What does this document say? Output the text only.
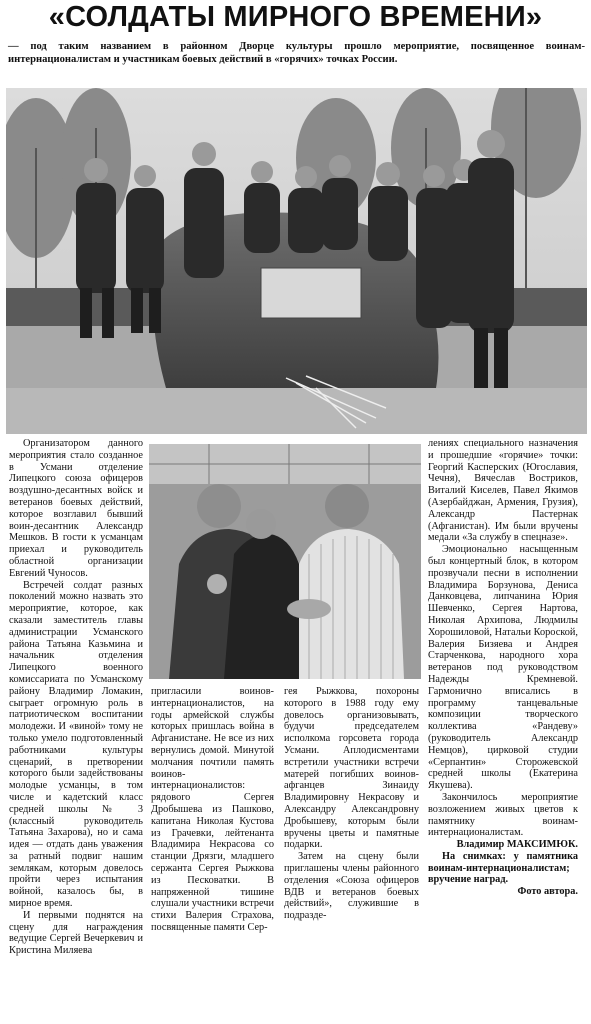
«СОЛДАТЫ МИРНОГО ВРЕМЕНИ»
— под таким названием в районном Дворце культуры прошло мероприятие, посвященное воинам-интернационалистам и участникам боевых действий в «горячих» точках России.

Организатором данного мероприятия стало созданное в Усмани отделение Липецкого союза офицеров воздушно-десантных войск и ветеранов боевых действий, которое возглавил бывший воин-десантник Александр Мешков. В гости к усманцам приехал и руководитель областной организации Евгений Чуносов.

Встречей солдат разных поколений можно назвать это мероприятие, которое, как сказали заместитель главы администрации Усманского района Татьяна Казьмина и начальник отделения Липецкого военного комиссариата по Усманскому району Владимир Ломакин, сыграет огромную роль в патриотическом воспитании молодежи. И «виной» тому не только умело подготовленный работниками культуры сценарий, в претворении которого были задействованы молодые усманцы, в том числе и кадетский класс средней школы № 3 (классный руководитель Татьяна Захарова), но и сама идея — отдать дань уважения за ратный подвиг нашим землякам, которым довелось пройти через испытания войной, казалось бы, в мирное время.

И первыми поднятся на сцену для награждения ведущие Сергей Вечеркевич и Кристина Миляева

пригласили воинов-интернационалистов, на годы армейской службы которых пришлась война в Афганистане. Не все из них вернулись домой. Минутой молчания почтили память воинов-интернационалистов: рядового Сергея Дробышева из Пашково, капитана Николая Кустова из Грачевки, лейтенанта Владимира Некрасова со станции Дрязги, младшего сержанта Сергея Рыжкова из Песковатки. В напряженной тишине слушали участники встречи стихи Валерия Страхова, посвященные памяти Сер-

гея Рыжкова, похороны которого в 1988 году ему довелось организовывать, будучи председателем исполкома горсовета города Усмани. Аплодисментами встретили участники встречи матерей погибших воинов-афганцев Зинаиду Владимировну Некрасову и Александру Александровну Дробышеву, которым были вручены цветы и памятные подарки.

Затем на сцену были приглашены члены районного отделения «Союза офицеров ВДВ и ветеранов боевых действий», служившие в подразде-

лениях специального назначения и прошедшие «горячие» точки: Георгий Касперских (Югославия, Чечня), Вячеслав Востриков, Виталий Киселев, Павел Якимов (Азербайджан, Армения, Грузия), Александр Пастернак (Афганистан). Им были вручены медали «За службу в спецназе».

Эмоционально насыщенным был концертный блок, в котором прозвучали песни в исполнении Владимира Борзунова, Дениса Данковцева, липчанина Юрия Шевченко, Сергея Нартова, Николая Архипова, Людмилы Хорошиловой, Натальи Короской, Валерия Бизяева и Андрея Старченкова, народного хора ветеранов под руководством Надежды Кремневой. Гармонично вписались в программу танцевальные композиции творческого коллектива «Рандеву» (руководитель Александр Немцов), цирковой студии «Серпантин» Сторожевской средней школы (Екатерина Якушева).

Закончилось мероприятие возложением живых цветов к памятнику воинам-интернационалистам.

Владимир МАКСИМЮК.

На снимках: у памятника воинам-интернационалистам; вручение наград.

Фото автора.
